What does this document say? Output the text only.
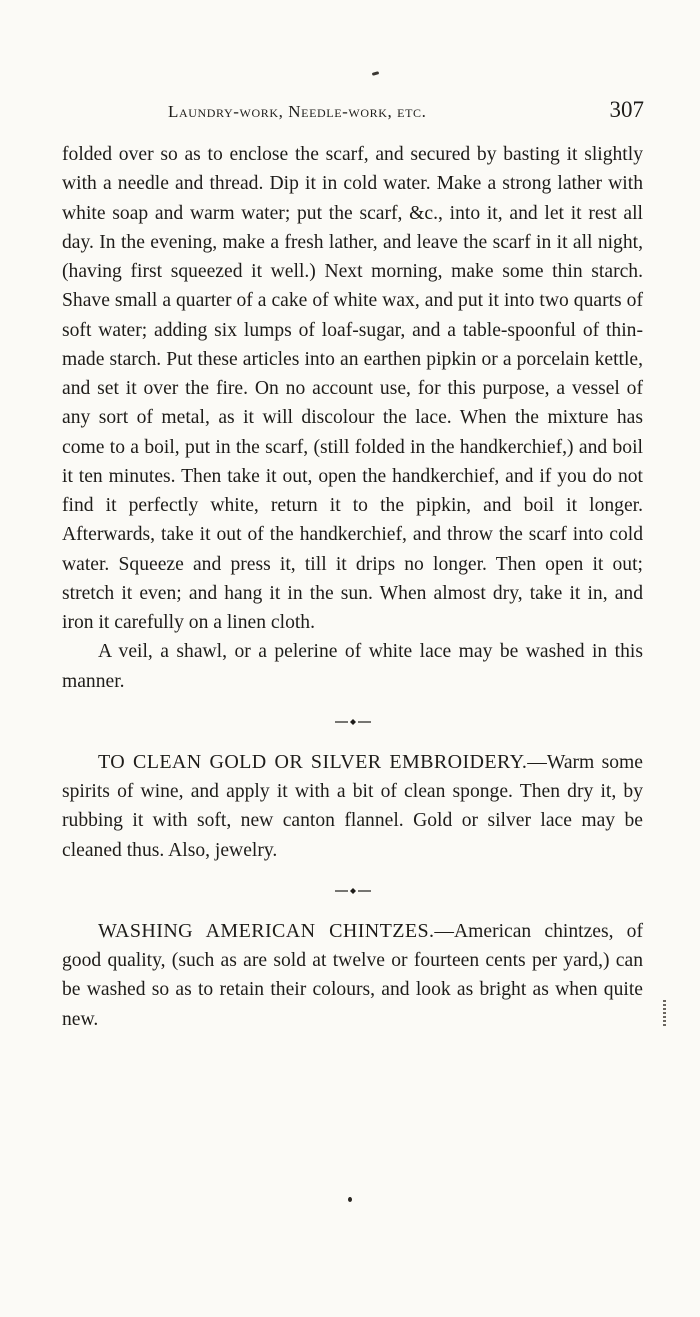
Laundry-work, Needle-work, etc.	307

folded over so as to enclose the scarf, and secured by basting it slightly with a needle and thread. Dip it in cold water. Make a strong lather with white soap and warm water; put the scarf, &c., into it, and let it rest all day. In the evening, make a fresh lather, and leave the scarf in it all night, (having first squeezed it well.) Next morning, make some thin starch. Shave small a quarter of a cake of white wax, and put it into two quarts of soft water; adding six lumps of loaf-sugar, and a table-spoonful of thin-made starch. Put these articles into an earthen pipkin or a porcelain kettle, and set it over the fire. On no account use, for this purpose, a vessel of any sort of metal, as it will discolour the lace. When the mixture has come to a boil, put in the scarf, (still folded in the handkerchief,) and boil it ten minutes. Then take it out, open the handkerchief, and if you do not find it perfectly white, return it to the pipkin, and boil it longer. Afterwards, take it out of the handkerchief, and throw the scarf into cold water. Squeeze and press it, till it drips no longer. Then open it out; stretch it even; and hang it in the sun. When almost dry, take it in, and iron it carefully on a linen cloth.

A veil, a shawl, or a pelerine of white lace may be washed in this manner.

TO CLEAN GOLD OR SILVER EMBROIDERY.—Warm some spirits of wine, and apply it with a bit of clean sponge. Then dry it, by rubbing it with soft, new canton flannel. Gold or silver lace may be cleaned thus. Also, jewelry.

WASHING AMERICAN CHINTZES.—American chintzes, of good quality, (such as are sold at twelve or fourteen cents per yard,) can be washed so as to retain their colours, and look as bright as when quite new.
